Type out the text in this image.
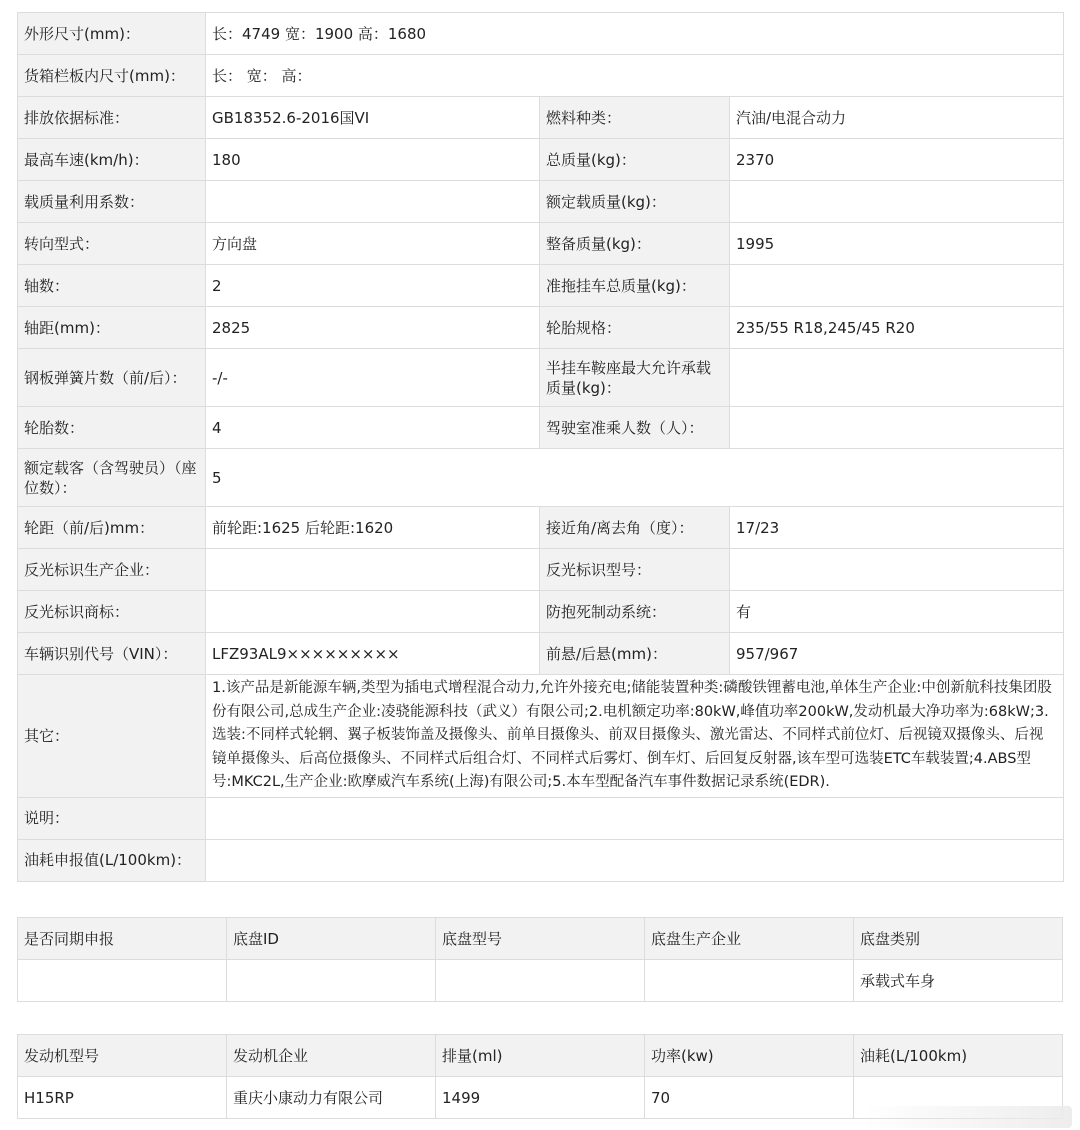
外形尺寸(mm)：	长：4749 宽：1900 高：1680		
货箱栏板内尺寸(mm)：	长： 宽： 高：		
排放依据标准：	GB18352.6-2016国VI	燃料种类：	汽油/电混合动力
最高车速(km/h)：	180	总质量(kg)：	2370
载质量利用系数：		额定载质量(kg)：	
转向型式：	方向盘	整备质量(kg)：	1995
轴数：	2	准拖挂车总质量(kg)：	
轴距(mm)：	2825	轮胎规格：	235/55 R18,245/45 R20
钢板弹簧片数（前/后）：	-/-	半挂车鞍座最大允许承载质量(kg)：	
轮胎数：	4	驾驶室准乘人数（人）：	
额定载客（含驾驶员）（座位数）：	5		
轮距（前/后)mm：	前轮距:1625 后轮距:1620	接近角/离去角（度）：	17/23
反光标识生产企业：		反光标识型号：	
反光标识商标：		防抱死制动系统：	有
车辆识别代号（VIN）：	LFZ93AL9×××××××××	前悬/后悬(mm)：	957/967
其它：	1.该产品是新能源车辆,类型为插电式增程混合动力,允许外接充电;储能装置种类:磷酸铁锂蓄电池,单体生产企业:中创新航科技集团股份有限公司,总成生产企业:凌骁能源科技（武义）有限公司;2.电机额定功率:80kW,峰值功率200kW,发动机最大净功率为:68kW;3.选装:不同样式轮辋、翼子板装饰盖及摄像头、前单目摄像头、前双目摄像头、激光雷达、不同样式前位灯、后视镜双摄像头、后视镜单摄像头、后高位摄像头、不同样式后组合灯、不同样式后雾灯、倒车灯、后回复反射器,该车型可选装ETC车载装置;4.ABS型号:MKC2L,生产企业:欧摩威汽车系统(上海)有限公司;5.本车型配备汽车事件数据记录系统(EDR).		
说明：			
油耗申报值(L/100km)：			
是否同期申报	底盘ID	底盘型号	底盘生产企业	底盘类别
				承载式车身
发动机型号	发动机企业	排量(ml)	功率(kw)	油耗(L/100km)
H15RP	重庆小康动力有限公司	1499	70	
